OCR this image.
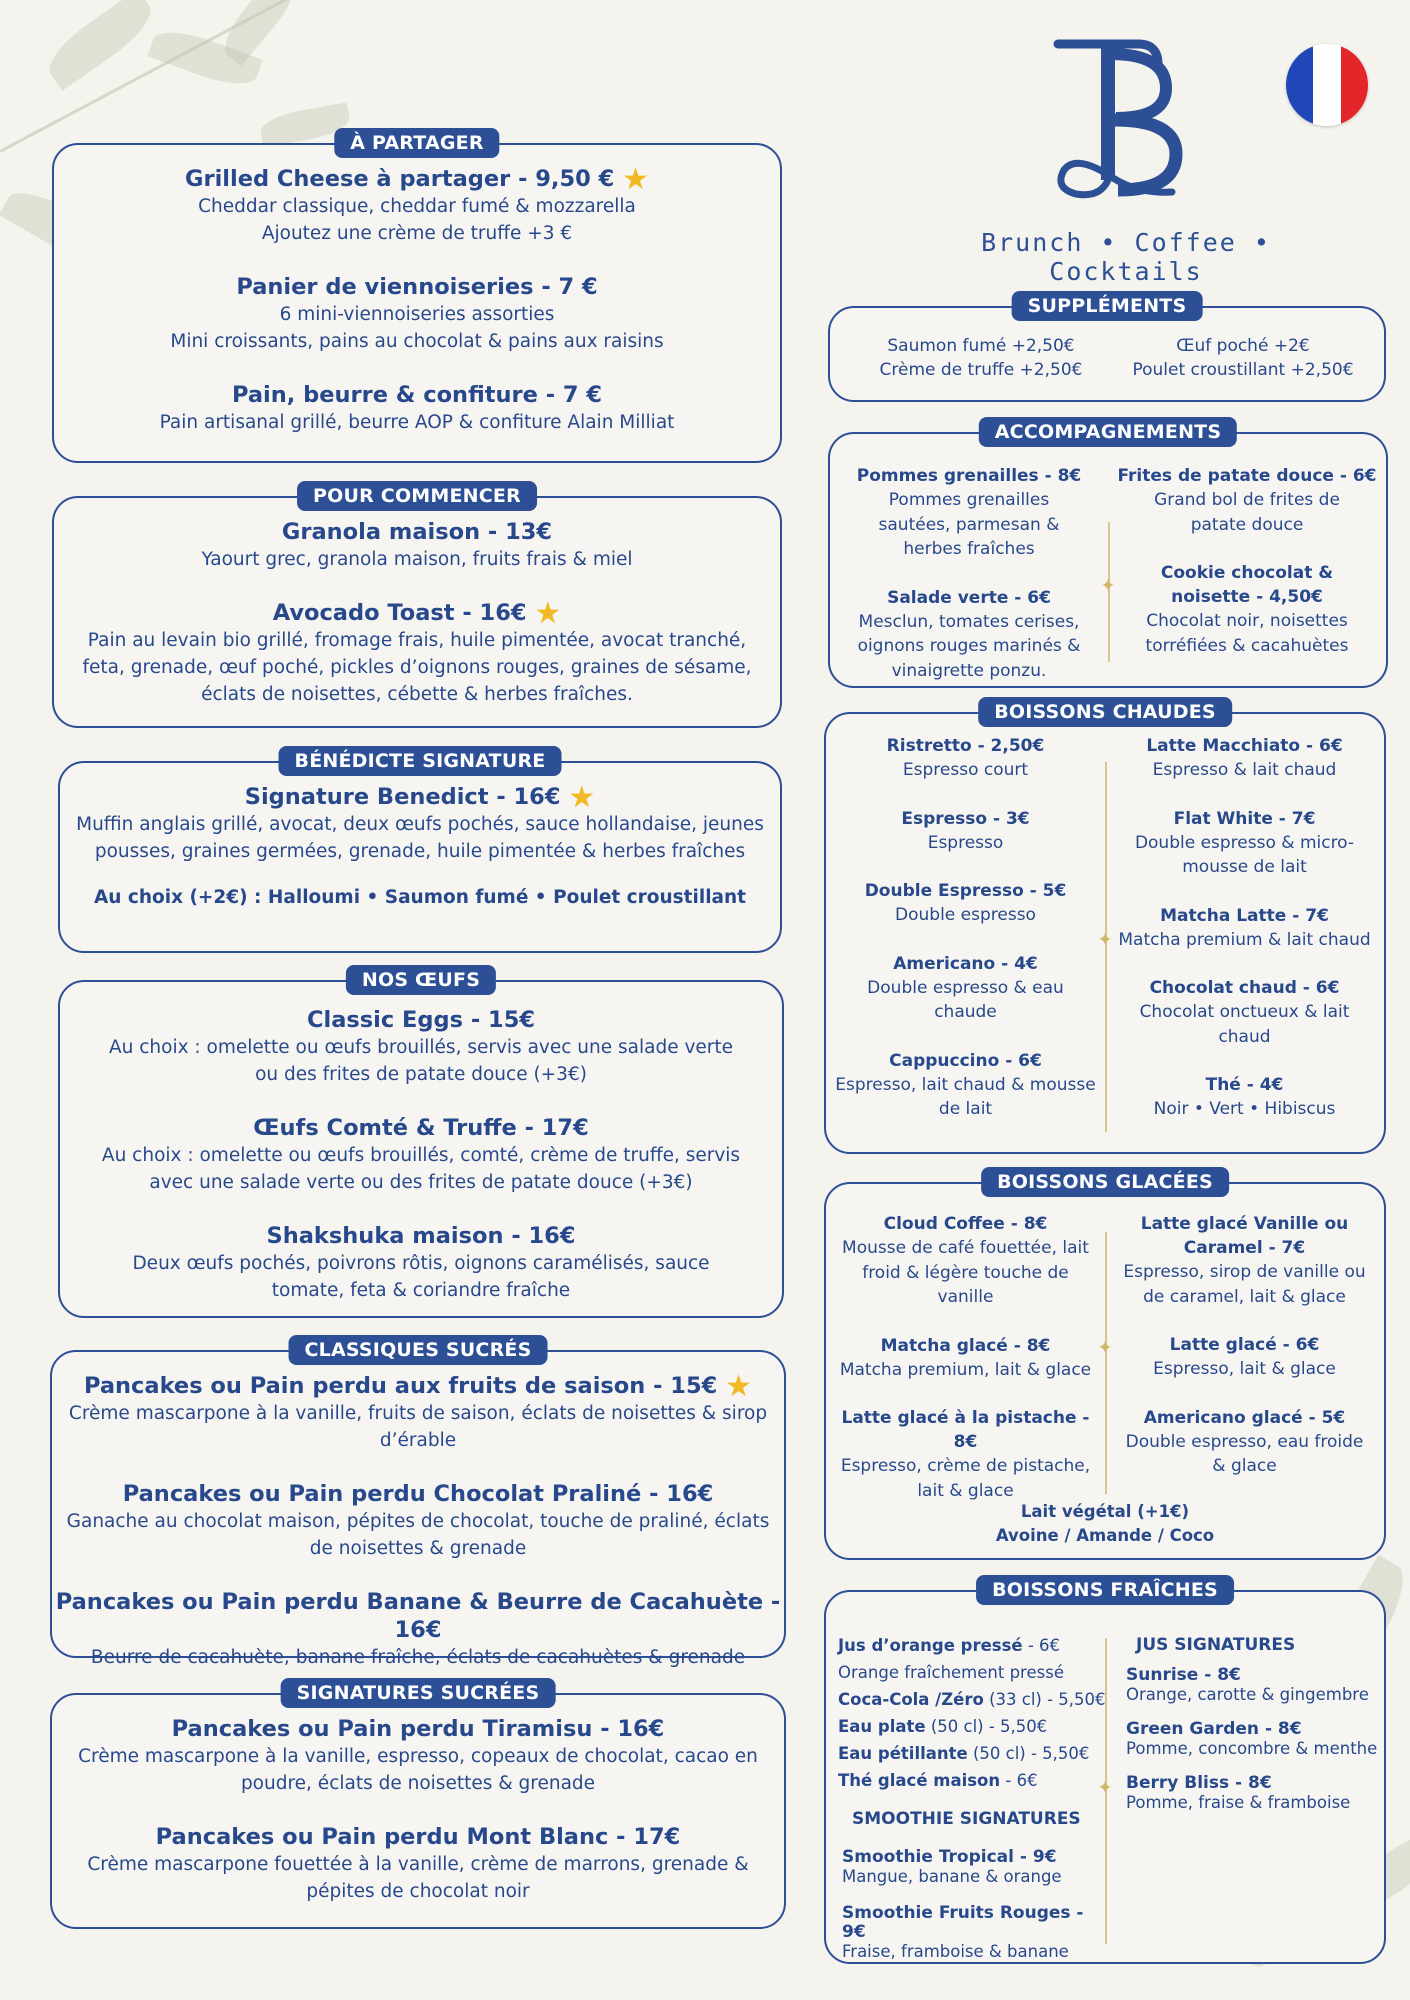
Brunch • Coffee • Cocktails
À PARTAGER
Grilled Cheese à partager - 9,50 € ★
Cheddar classique, cheddar fumé & mozzarella
Ajoutez une crème de truffe +3 €
Panier de viennoiseries - 7 €
6 mini-viennoiseries assorties
Mini croissants, pains au chocolat & pains aux raisins
Pain, beurre & confiture - 7 €
Pain artisanal grillé, beurre AOP & confiture Alain Milliat
POUR COMMENCER
Granola maison - 13€
Yaourt grec, granola maison, fruits frais & miel
Avocado Toast - 16€ ★
Pain au levain bio grillé, fromage frais, huile pimentée, avocat tranché,
feta, grenade, œuf poché, pickles d’oignons rouges, graines de sésame,
éclats de noisettes, cébette & herbes fraîches.
BÉNÉDICTE SIGNATURE
Signature Benedict - 16€ ★
Muffin anglais grillé, avocat, deux œufs pochés, sauce hollandaise, jeunes
pousses, graines germées, grenade, huile pimentée & herbes fraîches
Au choix (+2€) : Halloumi • Saumon fumé • Poulet croustillant
NOS ŒUFS
Classic Eggs - 15€
Au choix : omelette ou œufs brouillés, servis avec une salade verte
ou des frites de patate douce (+3€)
Œufs Comté & Truffe - 17€
Au choix : omelette ou œufs brouillés, comté, crème de truffe, servis
avec une salade verte ou des frites de patate douce (+3€)
Shakshuka maison - 16€
Deux œufs pochés, poivrons rôtis, oignons caramélisés, sauce
tomate, feta & coriandre fraîche
CLASSIQUES SUCRÉS
Pancakes ou Pain perdu aux fruits de saison - 15€ ★
Crème mascarpone à la vanille, fruits de saison, éclats de noisettes & sirop
d’érable
Pancakes ou Pain perdu Chocolat Praliné - 16€
Ganache au chocolat maison, pépites de chocolat, touche de praliné, éclats
de noisettes & grenade
Pancakes ou Pain perdu Banane & Beurre de Cacahuète - 16€
Beurre de cacahuète, banane fraîche, éclats de cacahuètes & grenade
SIGNATURES SUCRÉES
Pancakes ou Pain perdu Tiramisu - 16€
Crème mascarpone à la vanille, espresso, copeaux de chocolat, cacao en
poudre, éclats de noisettes & grenade
Pancakes ou Pain perdu Mont Blanc - 17€
Crème mascarpone fouettée à la vanille, crème de marrons, grenade &
pépites de chocolat noir
SUPPLÉMENTS
Saumon fumé +2,50€
Crème de truffe +2,50€
Œuf poché +2€
Poulet croustillant +2,50€
ACCOMPAGNEMENTS
✦
Pommes grenailles - 8€
Pommes grenailles
sautées, parmesan &
herbes fraîches
Salade verte - 6€
Mesclun, tomates cerises,
oignons rouges marinés &
vinaigrette ponzu.
Frites de patate douce - 6€
Grand bol de frites de
patate douce
Cookie chocolat &
noisette - 4,50€
Chocolat noir, noisettes
torréfiées & cacahuètes
BOISSONS CHAUDES
✦
Ristretto - 2,50€
Espresso court
Espresso - 3€
Espresso
Double Espresso - 5€
Double espresso
Americano - 4€
Double espresso & eau
chaude
Cappuccino - 6€
Espresso, lait chaud & mousse
de lait
Latte Macchiato - 6€
Espresso & lait chaud
Flat White - 7€
Double espresso & micro-
mousse de lait
Matcha Latte - 7€
Matcha premium & lait chaud
Chocolat chaud - 6€
Chocolat onctueux & lait
chaud
Thé - 4€
Noir • Vert • Hibiscus
BOISSONS GLACÉES
✦
Cloud Coffee - 8€
Mousse de café fouettée, lait
froid & légère touche de
vanille
Matcha glacé - 8€
Matcha premium, lait & glace
Latte glacé à la pistache -
8€
Espresso, crème de pistache,
lait & glace
Latte glacé Vanille ou
Caramel - 7€
Espresso, sirop de vanille ou
de caramel, lait & glace
Latte glacé - 6€
Espresso, lait & glace
Americano glacé - 5€
Double espresso, eau froide
& glace
Lait végétal (+1€)
Avoine / Amande / Coco
BOISSONS FRAÎCHES
✦
Jus d’orange pressé - 6€
Orange fraîchement pressé
Coca-Cola /Zéro (33 cl) - 5,50€
Eau plate (50 cl) - 5,50€
Eau pétillante (50 cl) - 5,50€
Thé glacé maison - 6€
SMOOTHIE SIGNATURES
Smoothie Tropical - 9€
Mangue, banane & orange
Smoothie Fruits Rouges - 9€
Fraise, framboise & banane
JUS SIGNATURES
Sunrise - 8€
Orange, carotte & gingembre
Green Garden - 8€
Pomme, concombre & menthe
Berry Bliss - 8€
Pomme, fraise & framboise
